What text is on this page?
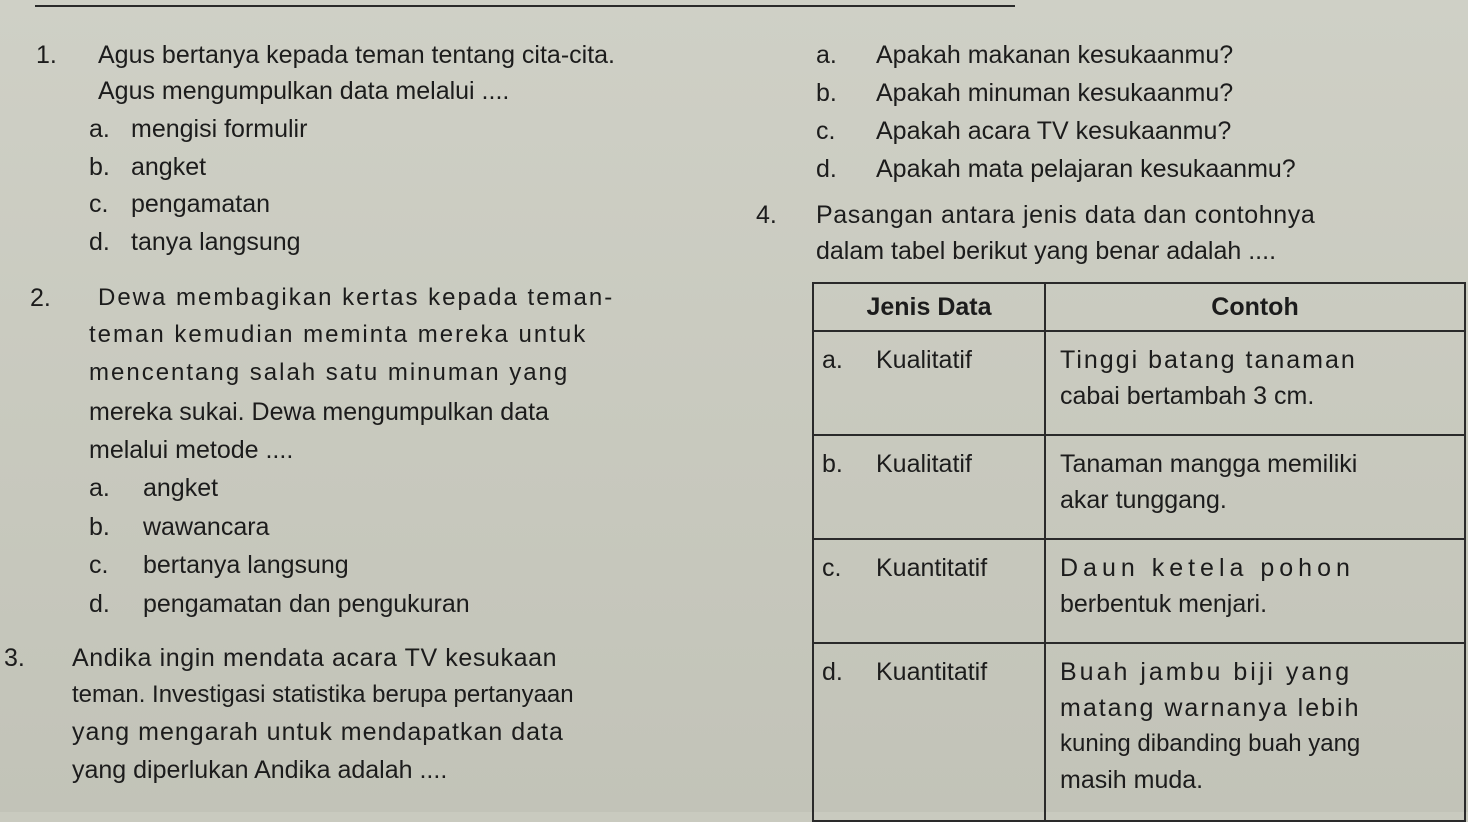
1. Agus bertanya kepada teman tentang cita-cita.
Agus mengumpulkan data melalui ....
a. mengisi formulir
b. angket
c. pengamatan
d. tanya langsung
2. Dewa membagikan kertas kepada teman-
teman kemudian meminta mereka untuk
mencentang salah satu minuman yang
mereka sukai. Dewa mengumpulkan data
melalui metode ....
a. angket
b. wawancara
c. bertanya langsung
d. pengamatan dan pengukuran
3. Andika ingin mendata acara TV kesukaan
teman. Investigasi statistika berupa pertanyaan
yang mengarah untuk mendapatkan data
yang diperlukan Andika adalah ....
a. Apakah makanan kesukaanmu?
b. Apakah minuman kesukaanmu?
c. Apakah acara TV kesukaanmu?
d. Apakah mata pelajaran kesukaanmu?
4. Pasangan antara jenis data dan contohnya
dalam tabel berikut yang benar adalah ....
Jenis Data		Contoh
a.	Kualitatif	Tinggi batang tanaman
cabai bertambah 3 cm.

b.	Kualitatif	Tanaman mangga memiliki
akar tunggang.

c.	Kuantitatif	Daun ketela pohon
berbentuk menjari.

d.	Kuantitatif	Buah jambu biji yang
matang warnanya lebih
kuning dibanding buah yang
masih muda.
